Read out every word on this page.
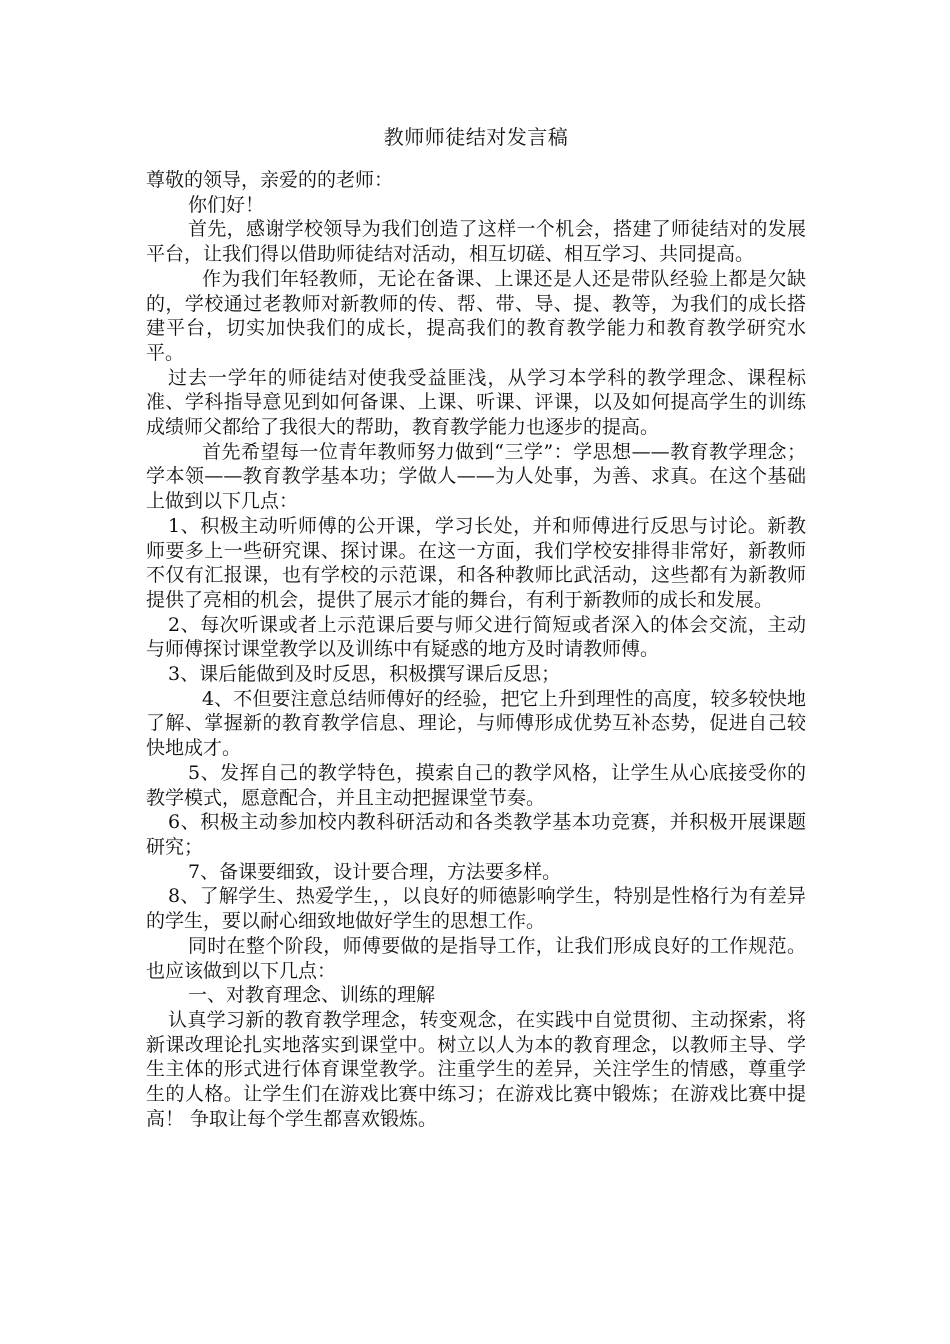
教师师徒结对发言稿

尊敬的领导，亲爱的的老师：

你们好！

首先，感谢学校领导为我们创造了这样一个机会，搭建了师徒结对的发展平台，让我们得以借助师徒结对活动，相互切磋、相互学习、共同提高。

作为我们年轻教师，无论在备课、上课还是人还是带队经验上都是欠缺的，学校通过老教师对新教师的传、帮、带、导、提、教等，为我们的成长搭建平台，切实加快我们的成长，提高我们的教育教学能力和教育教学研究水平。

过去一学年的师徒结对使我受益匪浅，从学习本学科的教学理念、课程标准、学科指导意见到如何备课、上课、听课、评课，以及如何提高学生的训练成绩师父都给了我很大的帮助，教育教学能力也逐步的提高。

首先希望每一位青年教师努力做到“三学”：学思想——教育教学理念；学本领——教育教学基本功；学做人——为人处事，为善、求真。在这个基础上做到以下几点：

1、积极主动听师傅的公开课，学习长处，并和师傅进行反思与讨论。新教师要多上一些研究课、探讨课。在这一方面，我们学校安排得非常好，新教师不仅有汇报课，也有学校的示范课，和各种教师比武活动，这些都有为新教师提供了亮相的机会，提供了展示才能的舞台，有利于新教师的成长和发展。

2、每次听课或者上示范课后要与师父进行简短或者深入的体会交流，主动与师傅探讨课堂教学以及训练中有疑惑的地方及时请教师傅。

3、课后能做到及时反思，积极撰写课后反思；

4、不但要注意总结师傅好的经验，把它上升到理性的高度，较多较快地了解、掌握新的教育教学信息、理论，与师傅形成优势互补态势，促进自己较快地成才。

5、发挥自己的教学特色，摸索自己的教学风格，让学生从心底接受你的教学模式，愿意配合，并且主动把握课堂节奏。

6、积极主动参加校内教科研活动和各类教学基本功竞赛，并积极开展课题研究；

7、备课要细致，设计要合理，方法要多样。

8、了解学生、热爱学生，，以良好的师德影响学生，特别是性格行为有差异的学生，要以耐心细致地做好学生的思想工作。

同时在整个阶段，师傅要做的是指导工作，让我们形成良好的工作规范。也应该做到以下几点：

一、对教育理念、训练的理解

认真学习新的教育教学理念，转变观念，在实践中自觉贯彻、主动探索，将新课改理论扎实地落实到课堂中。树立以人为本的教育理念，以教师主导、学生主体的形式进行体育课堂教学。注重学生的差异，关注学生的情感，尊重学生的人格。让学生们在游戏比赛中练习；在游戏比赛中锻炼；在游戏比赛中提高！ 争取让每个学生都喜欢锻炼。
